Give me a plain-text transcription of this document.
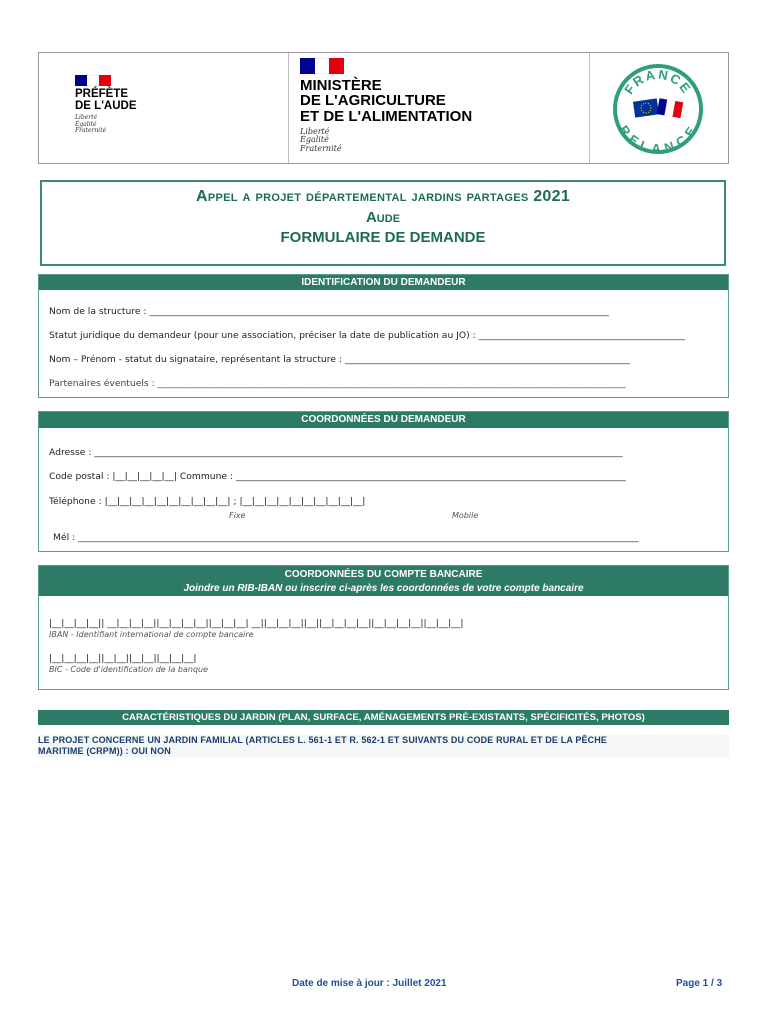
PRÉFÈTE
DE L'AUDE
Liberté
Égalité
Fraternité
MINISTÈRE
DE L'AGRICULTURE
ET DE L'ALIMENTATION
Liberté
Égalité
Fraternité
FRANCE
RELANCE
Appel a projet départemental jardins partages 2021
Aude
FORMULAIRE DE DEMANDE
IDENTIFICATION DU DEMANDEUR
Nom de la structure : ____________________________________________________________________________________________________
Statut juridique du demandeur (pour une association, préciser la date de publication au JO) : _____________________________________________
Nom – Prénom - statut du signataire, représentant la structure : ______________________________________________________________
Partenaires éventuels : ______________________________________________________________________________________________________
COORDONNÉES DU DEMANDEUR
Adresse : ___________________________________________________________________________________________________________________
Code postal : |__|__|__|__|__| Commune : _____________________________________________________________________________________
Téléphone : |__|__|__|__|__|__|__|__|__|__| ; |__|__|__|__|__|__|__|__|__|__|
Fixe	Mobile
Mél : __________________________________________________________________________________________________________________________
COORDONNÉES DU COMPTE BANCAIRE
Joindre un RIB-IBAN ou inscrire ci-après les coordonnées de votre compte bancaire
|__|__|__|__|| __|__|__|__||__|__|__|__||__|__|__| __||__|__|__||__||__|__|__|__||__|__|__|__||__|__|__|
IBAN - Identifiant international de compte bancaire
|__|__|__|__||__|__||__|__||__|__|__|
BIC - Code d'identification de la banque
CARACTÉRISTIQUES DU JARDIN (PLAN, SURFACE, AMÉNAGEMENTS PRÉ-EXISTANTS, SPÉCIFICITÉS, PHOTOS)
LE PROJET CONCERNE UN JARDIN FAMILIAL (ARTICLES L. 561-1 ET R. 562-1 ET SUIVANTS DU CODE RURAL ET DE LA PÊCHE
MARITIME (CRPM)) : OUI NON
Date de mise à jour : Juillet 2021	Page 1 / 3
